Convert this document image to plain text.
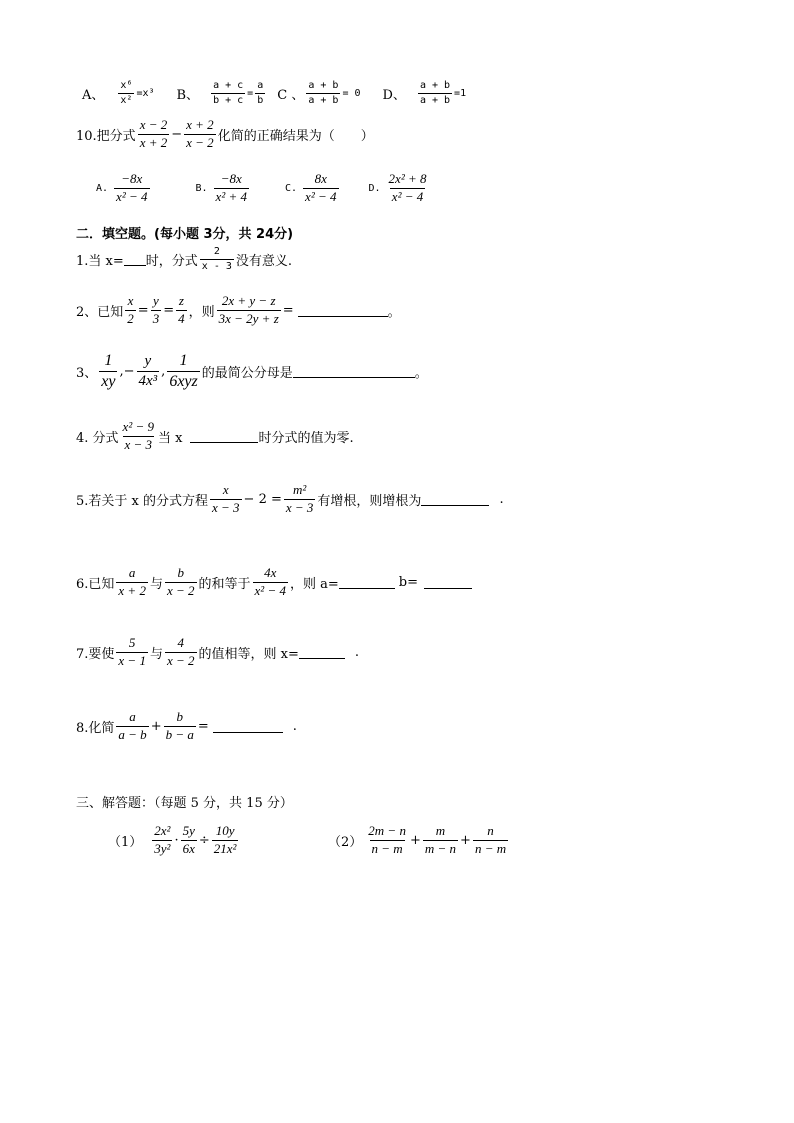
A、 $\frac{\text{x⁶}}{\text{x²}} =x^3$ B、 $\frac{a + c}{b + c} = \frac{a}{b}$ C 、 $\frac{a + b}{a + b} = 0$ D、 $\frac{a + b}{a + b} =1$
10.把分式 $\frac{x - 2}{x + 2} - \frac{x + 2}{x - 2}$ 化简的正确结果为（　　）
A. $\frac{-8x}{\text{x² − 4}}$	B. $\frac{-8x}{\text{x² + 4}}$	C. $\frac{8x}{\text{x² − 4}}$	D. $\frac{\text{2x² + 8}}{\text{x² − 4}}$
二．填空题。(每小题 3分，共 24分)
1.当 x= 时，分式 $\frac{2}{x - 3}$ 没有意义.
2、已知 $\frac{x}{2} = \frac{y}{3} = \frac{z}{4}$ ，则 $\frac{2x + y - z}{3x - 2y + z}$ =	。
3、 $\frac{1}{xy}$ ,− $\frac{y}{\text{4x³}}$ , $\frac{1}{\text{6xyz}}$ 的最简公分母是	。
4. 分式 $\frac{\text{x² − 9}}{x - 3}$ 当 x	时分式的值为零.
5.若关于 x 的分式方程 $\frac{x}{x - 3} - 2 = \frac{\text{m²}}{x - 3}$ 有增根，则增根为	.
6.已知 $\frac{a}{x + 2}$ 与 $\frac{b}{x - 2}$ 的和等于 $\frac{4x}{\text{x² − 4}}$ ，则 a=	b=
7.要使 $\frac{5}{x - 1}$ 与 $\frac{4}{x - 2}$ 的值相等，则 x=	.
8.化简 $\frac{a}{a - b} + \frac{b}{b - a}$ =	.
三、解答题：（每题 5 分，共 15 分）
$(1) \frac{\text{2x²}}{\text{3y²}} \cdot \frac{5y}{6x} \div \frac{10y}{\text{21x²}}$	$(2) \frac{2m - n}{n - m} + \frac{m}{m - n} + \frac{n}{n - m}$
